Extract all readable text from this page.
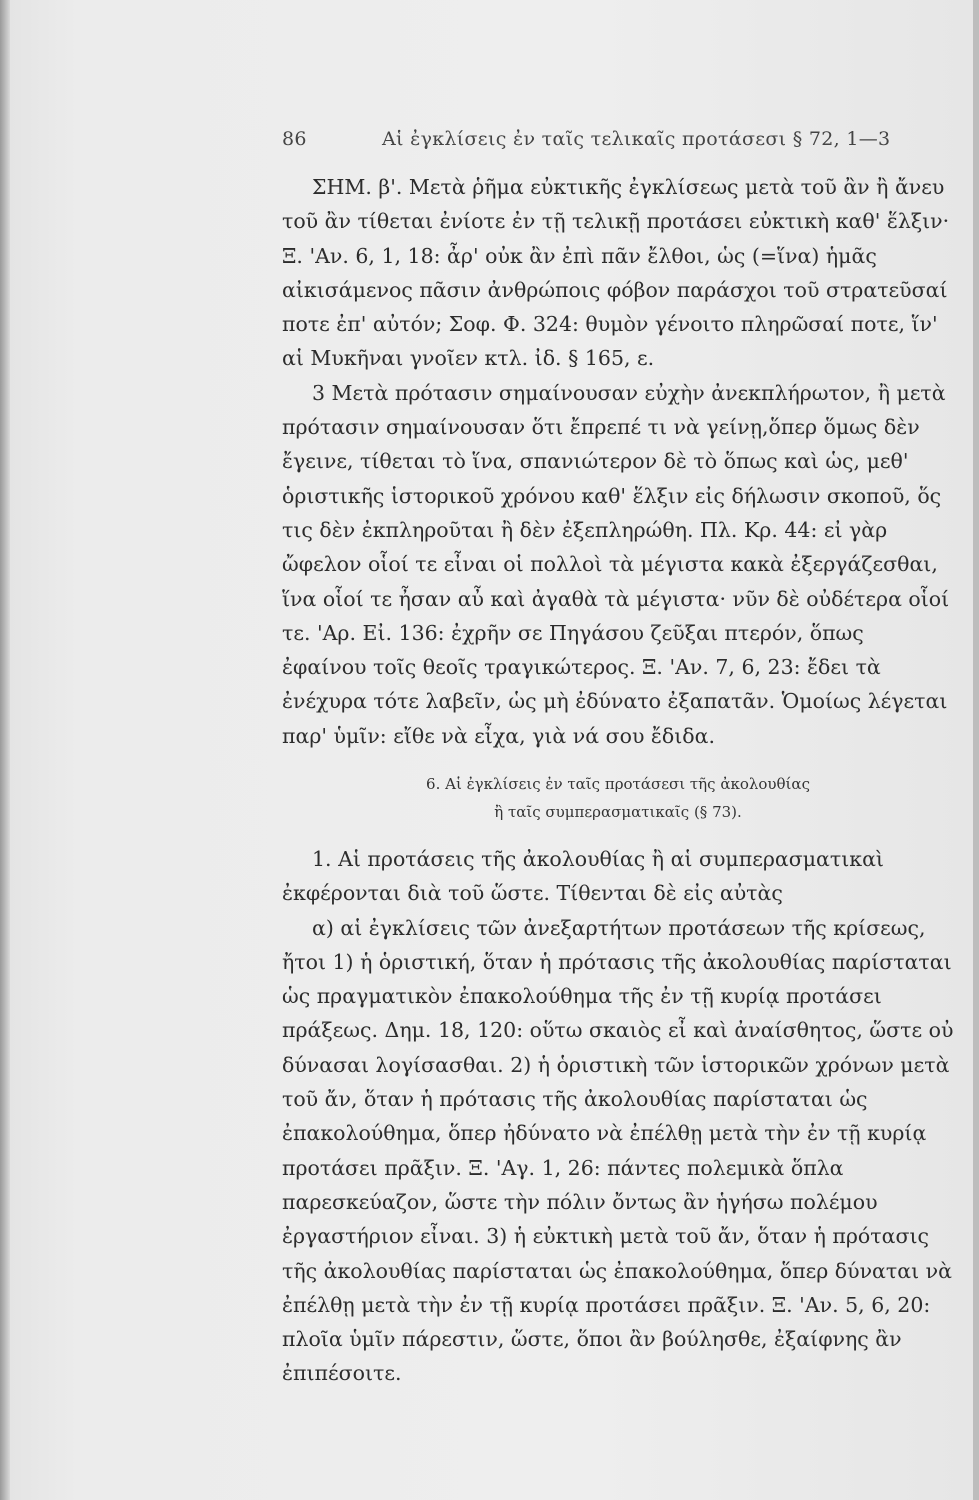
86	Αἱ ἐγκλίσεις ἐν ταῖς τελικαῖς προτάσεσι § 72, 1—3

ΣΗΜ. β'. Μετὰ ῥῆμα εὐκτικῆς ἐγκλίσεως μετὰ τοῦ ἂν ἢ ἄνευ τοῦ ἂν τίθεται ἐνίοτε ἐν τῇ τελικῇ προτάσει εὐκτικὴ καθ' ἕλξιν· Ξ. 'Αν. 6, 1, 18: ἆρ' οὐκ ἂν ἐπὶ πᾶν ἔλθοι, ὡς (=ἵνα) ἡμᾶς αἰκισάμενος πᾶσιν ἀνθρώποις φόβον παράσχοι τοῦ στρατεῦσαί ποτε ἐπ' αὐτόν; Σοφ. Φ. 324: θυμὸν γένοιτο πληρῶσαί ποτε, ἵν' αἱ Μυκῆναι γνοῖεν κτλ. ἰδ. § 165, ε.

3 Μετὰ πρότασιν σημαίνουσαν εὐχὴν ἀνεκπλήρωτον, ἢ μετὰ πρότασιν σημαίνουσαν ὅτι ἔπρεπέ τι νὰ γείνῃ,ὅπερ ὅμως δὲν ἔγεινε, τίθεται τὸ ἵνα, σπανιώτερον δὲ τὸ ὅπως καὶ ὡς, μεθ' ὁριστικῆς ἱστορικοῦ χρόνου καθ' ἕλξιν εἰς δήλωσιν σκοποῦ, ὅς τις δὲν ἐκπληροῦται ἢ δὲν ἐξεπληρώθη. Πλ. Κρ. 44: εἰ γὰρ ὤφελον οἷοί τε εἶναι οἱ πολλοὶ τὰ μέγιστα κακὰ ἐξεργάζεσθαι, ἵνα οἷοί τε ἦσαν αὖ καὶ ἀγαθὰ τὰ μέγιστα· νῦν δὲ οὐδέτερα οἷοί τε. 'Αρ. Εἰ. 136: ἐχρῆν σε Πηγάσου ζεῦξαι πτερόν, ὅπως ἐφαίνου τοῖς θεοῖς τραγικώτερος. Ξ. 'Αν. 7, 6, 23: ἔδει τὰ ἐνέχυρα τότε λαβεῖν, ὡς μὴ ἐδύνατο ἐξαπατᾶν. Ὁμοίως λέγεται παρ' ὑμῖν: εἴθε νὰ εἶχα, γιὰ νά σου ἔδιδα.

6. Αἱ ἐγκλίσεις ἐν ταῖς προτάσεσι τῆς ἀκολουθίας
ἢ ταῖς συμπερασματικαῖς (§ 73).

1. Αἱ προτάσεις τῆς ἀκολουθίας ἢ αἱ συμπερασματικαὶ ἐκφέρονται διὰ τοῦ ὥστε. Τίθενται δὲ εἰς αὐτὰς

α) αἱ ἐγκλίσεις τῶν ἀνεξαρτήτων προτάσεων τῆς κρίσεως, ἤτοι 1) ἡ ὁριστική, ὅταν ἡ πρότασις τῆς ἀκολουθίας παρίσταται ὡς πραγματικὸν ἐπακολούθημα τῆς ἐν τῇ κυρίᾳ προτάσει πράξεως. Δημ. 18, 120: οὕτω σκαιὸς εἶ καὶ ἀναίσθητος, ὥστε οὐ δύνασαι λογίσασθαι. 2) ἡ ὁριστικὴ τῶν ἱστορικῶν χρόνων μετὰ τοῦ ἄν, ὅταν ἡ πρότασις τῆς ἀκολουθίας παρίσταται ὡς ἐπακολούθημα, ὅπερ ἠδύνατο νὰ ἐπέλθῃ μετὰ τὴν ἐν τῇ κυρίᾳ προτάσει πρᾶξιν. Ξ. 'Αγ. 1, 26: πάντες πολεμικὰ ὅπλα παρεσκεύαζον, ὥστε τὴν πόλιν ὄντως ἂν ἡγήσω πολέμου ἐργαστήριον εἶναι. 3) ἡ εὐκτικὴ μετὰ τοῦ ἄν, ὅταν ἡ πρότασις τῆς ἀκολουθίας παρίσταται ὡς ἐπακολούθημα, ὅπερ δύναται νὰ ἐπέλθῃ μετὰ τὴν ἐν τῇ κυρίᾳ προτάσει πρᾶξιν. Ξ. 'Αν. 5, 6, 20: πλοῖα ὑμῖν πάρεστιν, ὥστε, ὅποι ἂν βούλησθε, ἐξαίφνης ἂν ἐπιπέσοιτε.
